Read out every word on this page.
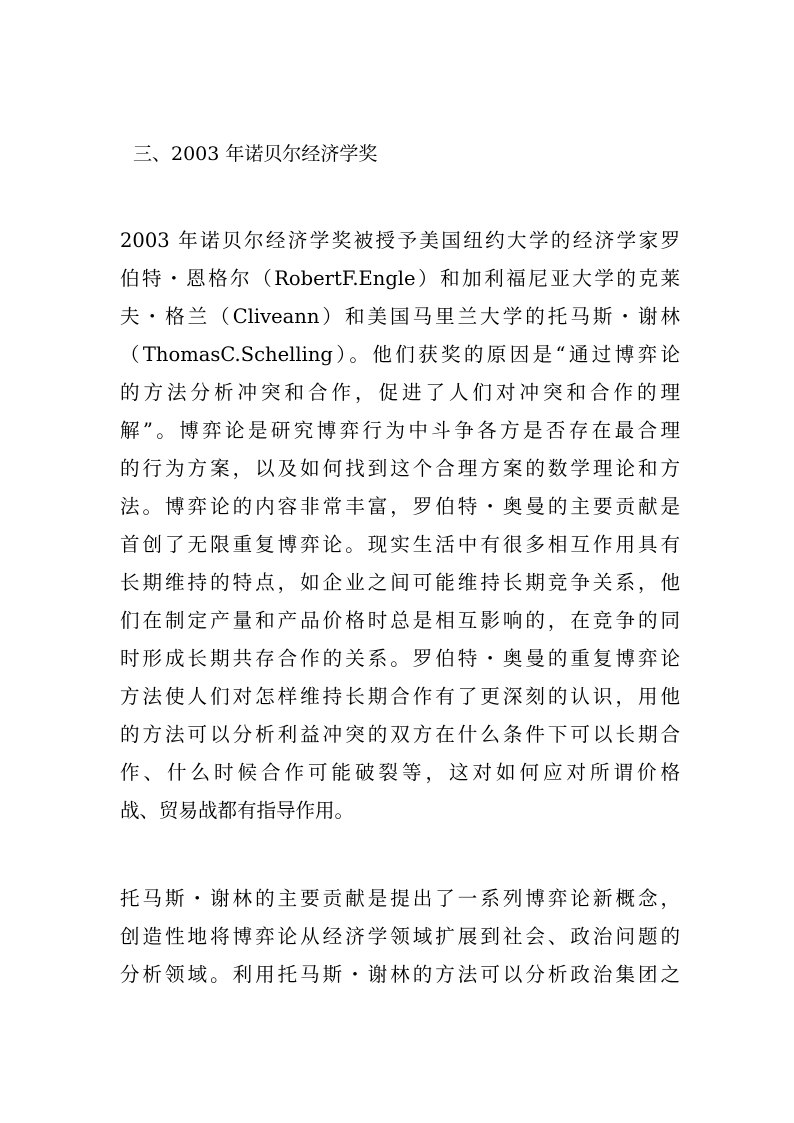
三、2003 年诺贝尔经济学奖
2003 年诺贝尔经济学奖被授予美国纽约大学的经济学家罗
伯特・恩格尔（RobertF.Engle）和加利福尼亚大学的克莱
夫・格兰（Cliveann）和美国马里兰大学的托马斯・谢林
（ThomasC.Schelling）。他们获奖的原因是“通过博弈论
的方法分析冲突和合作，促进了人们对冲突和合作的理
解”。博弈论是研究博弈行为中斗争各方是否存在最合理
的行为方案，以及如何找到这个合理方案的数学理论和方
法。博弈论的内容非常丰富，罗伯特・奥曼的主要贡献是
首创了无限重复博弈论。现实生活中有很多相互作用具有
长期维持的特点，如企业之间可能维持长期竞争关系，他
们在制定产量和产品价格时总是相互影响的，在竞争的同
时形成长期共存合作的关系。罗伯特・奥曼的重复博弈论
方法使人们对怎样维持长期合作有了更深刻的认识，用他
的方法可以分析利益冲突的双方在什么条件下可以长期合
作、什么时候合作可能破裂等，这对如何应对所谓价格
战、贸易战都有指导作用。
托马斯・谢林的主要贡献是提出了一系列博弈论新概念，
创造性地将博弈论从经济学领域扩展到社会、政治问题的
分析领域。利用托马斯・谢林的方法可以分析政治集团之
